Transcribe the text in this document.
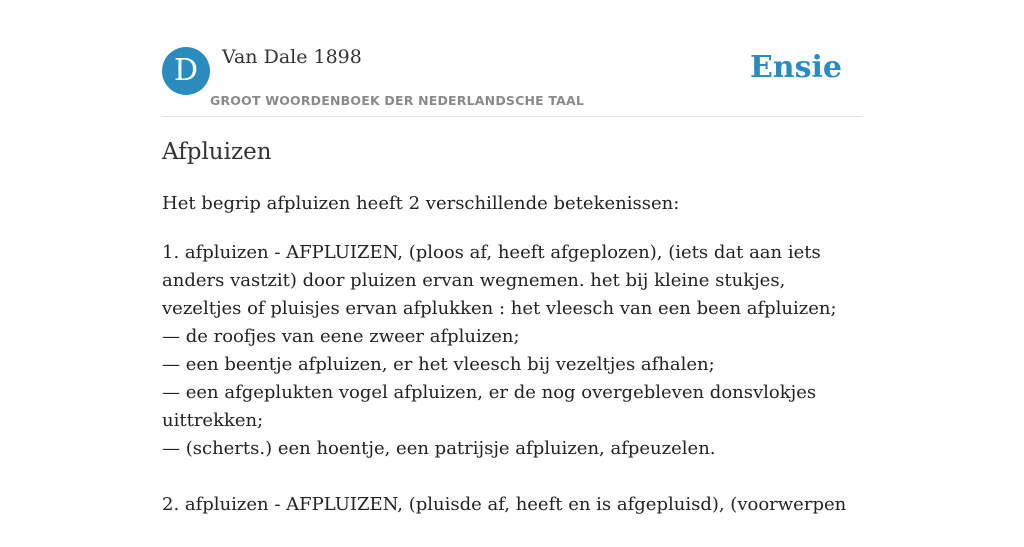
D	Van Dale 1898
GROOT WOORDENBOEK DER NEDERLANDSCHE TAAL
Ensie
Afpluizen

Het begrip afpluizen heeft 2 verschillende betekenissen:

1. afpluizen - AFPLUIZEN, (ploos af, heeft afgeplozen), (iets dat aan iets anders vastzit) door pluizen ervan wegnemen. het bij kleine stukjes, vezeltjes of pluisjes ervan afplukken : het vleesch van een been afpluizen;
— de roofjes van eene zweer afpluizen;
— een beentje afpluizen, er het vleesch bij vezeltjes afhalen;
— een afgeplukten vogel afpluizen, er de nog overgebleven donsvlokjes uittrekken;
— (scherts.) een hoentje, een patrijsje afpluizen, afpeuzelen.
2. afpluizen - AFPLUIZEN, (pluisde af, heeft en is afgepluisd), (voorwerpen
